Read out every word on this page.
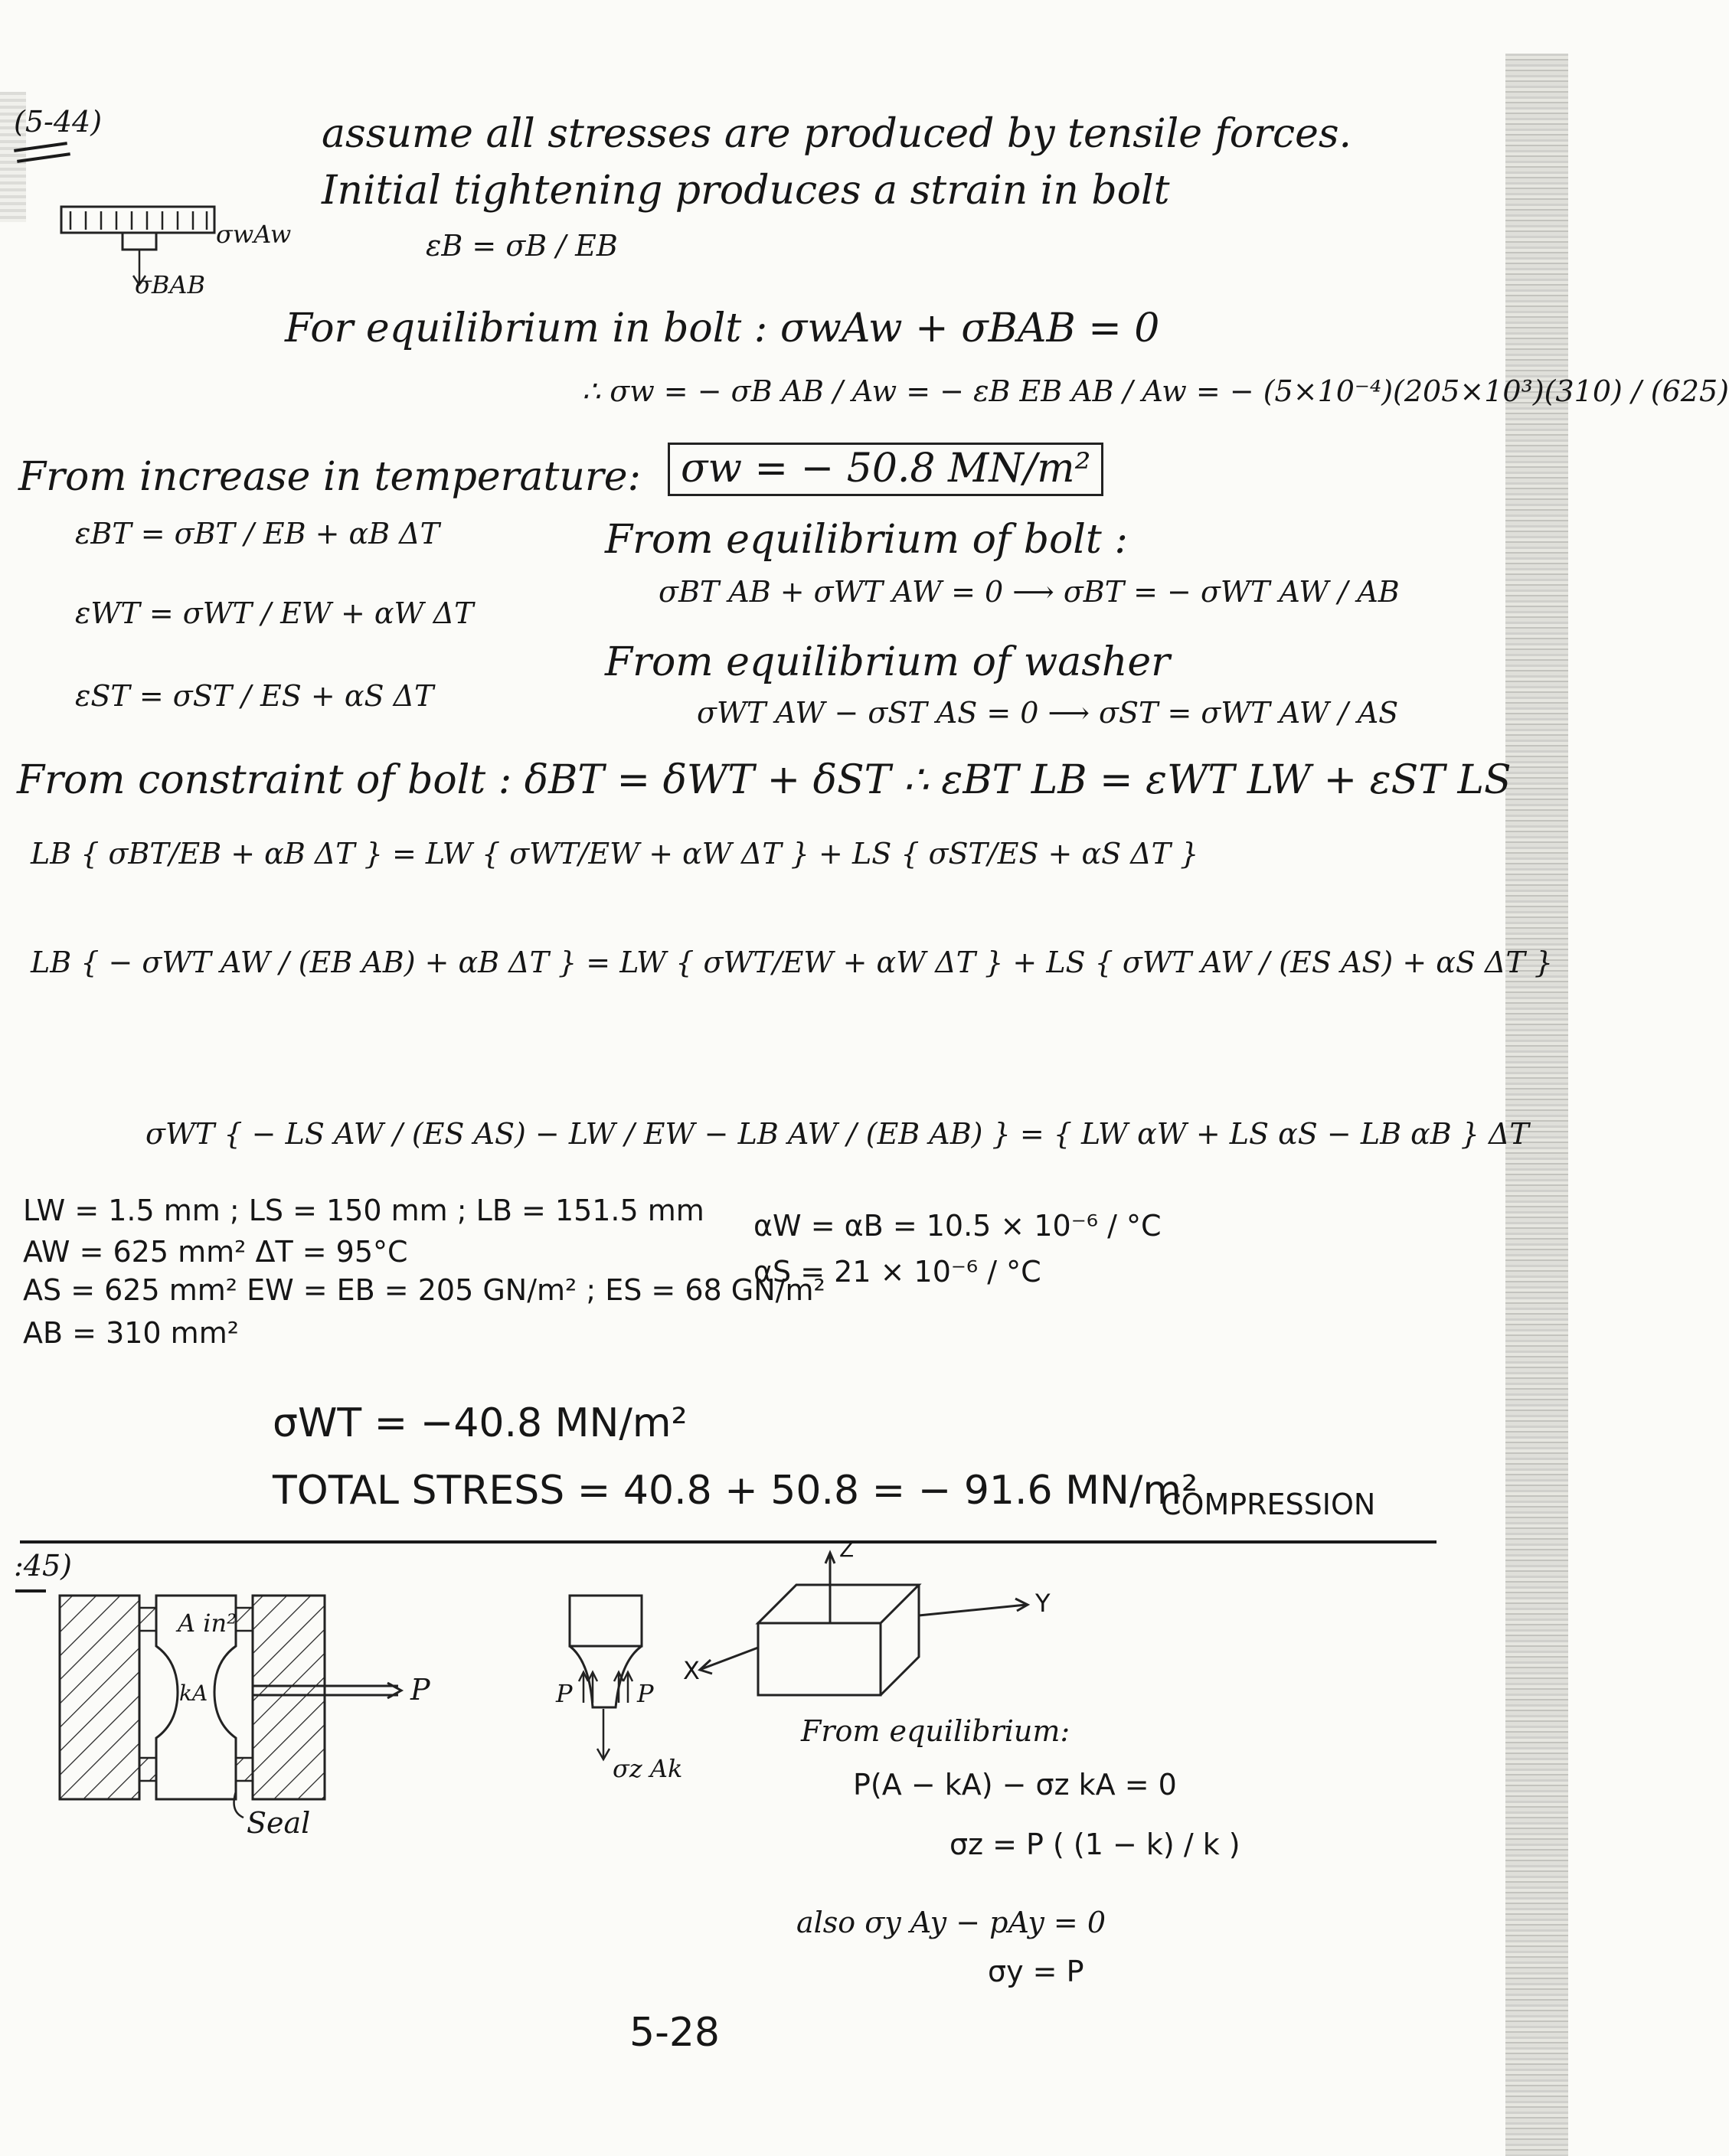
(5-44)	assume all stresses are produced by tensile forces.
Initial tightening produces a strain in bolt
σwAw
σBAB
εB = σB / EB
For equilibrium in bolt : σwAw + σBAB = 0
∴ σw = − σB AB / Aw = − εB EB AB / Aw = − (5×10⁻⁴)(205×10³)(310) / (625)
σw = − 50.8 MN/m²
From increase in temperature:
εBT = σBT / EB + αB ΔT
εWT = σWT / EW + αW ΔT
εST = σST / ES + αS ΔT
From equilibrium of bolt :
σBT AB + σWT AW = 0 ⟶ σBT = − σWT AW / AB
From equilibrium of washer
σWT AW − σST AS = 0 ⟶ σST = σWT AW / AS
From constraint of bolt : δBT = δWT + δST ∴ εBT LB = εWT LW + εST LS
LB { σBT/EB + αB ΔT } = LW { σWT/EW + αW ΔT } + LS { σST/ES + αS ΔT }
LB { − σWT AW / (EB AB) + αB ΔT } = LW { σWT/EW + αW ΔT } + LS { σWT AW / (ES AS) + αS ΔT }
σWT { − LS AW / (ES AS) − LW / EW − LB AW / (EB AB) } = { LW αW + LS αS − LB αB } ΔT
LW = 1.5 mm ; LS = 150 mm ; LB = 151.5 mm
AW = 625 mm² ΔT = 95°C
AS = 625 mm² EW = EB = 205 GN/m² ; ES = 68 GN/m²
AB = 310 mm²
αW = αB = 10.5 × 10⁻⁶ / °C
αS = 21 × 10⁻⁶ / °C
σWT = −40.8 MN/m²
TOTAL STRESS = 40.8 + 50.8 = − 91.6 MN/m²
COMPRESSION
:45)
A in²
kA	P
Seal
P	P
σz Ak
Z
X
Y
From equilibrium:
P(A − kA) − σz kA = 0
σz = P ( (1 − k) / k )
also σy Ay − pAy = 0
σy = P
5-28
